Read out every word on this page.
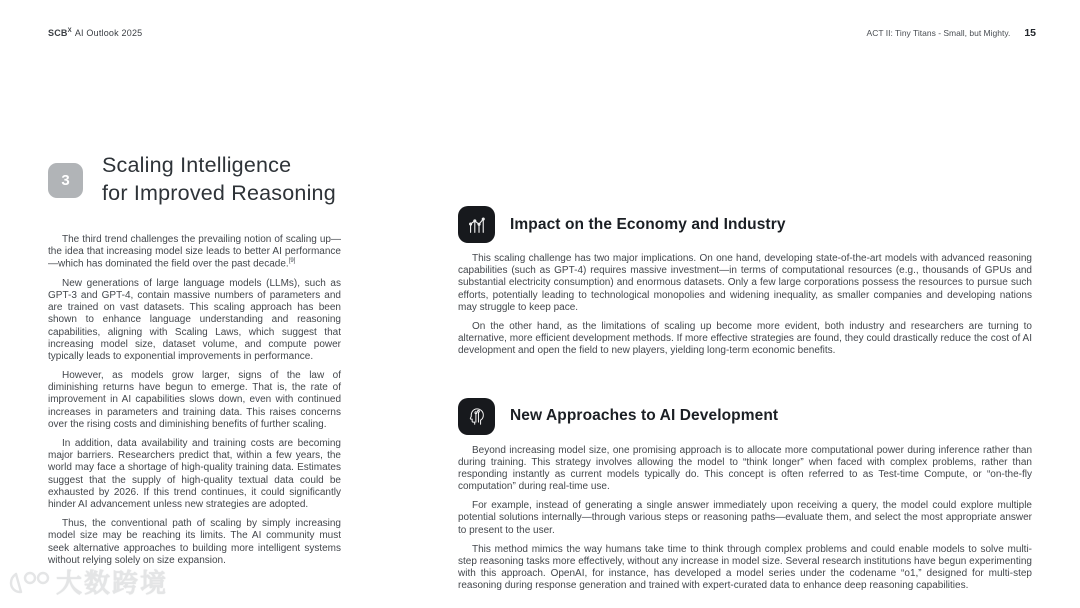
$SCB^X$ AI Outlook 2025	ACT II: Tiny Titans - Small, but Mighty. 15
3
Scaling Intelligence
for Improved Reasoning

The third trend challenges the prevailing notion of scaling up—the idea that increasing model size leads to better AI performance—which has dominated the field over the past decade.[9]

New generations of large language models (LLMs), such as GPT-3 and GPT-4, contain massive numbers of parameters and are trained on vast datasets. This scaling approach has been shown to enhance language understanding and reasoning capabilities, aligning with Scaling Laws, which suggest that increasing model size, dataset volume, and compute power typically leads to exponential improvements in performance.

However, as models grow larger, signs of the law of diminishing returns have begun to emerge. That is, the rate of improvement in AI capabilities slows down, even with continued increases in parameters and training data. This raises concerns over the rising costs and diminishing benefits of further scaling.

In addition, data availability and training costs are becoming major barriers. Researchers predict that, within a few years, the world may face a shortage of high-quality training data. Estimates suggest that the supply of high-quality textual data could be exhausted by 2026. If this trend continues, it could significantly hinder AI advancement unless new strategies are adopted.

Thus, the conventional path of scaling by simply increasing model size may be reaching its limits. The AI community must seek alternative approaches to building more intelligent systems without relying solely on size expansion.

Impact on the Economy and Industry

This scaling challenge has two major implications. On one hand, developing state-of-the-art models with advanced reasoning capabilities (such as GPT-4) requires massive investment—in terms of computational resources (e.g., thousands of GPUs and substantial electricity consumption) and enormous datasets. Only a few large corporations possess the resources to pursue such efforts, potentially leading to technological monopolies and widening inequality, as smaller companies and developing nations may struggle to keep pace.

On the other hand, as the limitations of scaling up become more evident, both industry and researchers are turning to alternative, more efficient development methods. If more effective strategies are found, they could drastically reduce the cost of AI development and open the field to new players, yielding long-term economic benefits.

New Approaches to AI Development

Beyond increasing model size, one promising approach is to allocate more computational power during inference rather than during training. This strategy involves allowing the model to “think longer” when faced with complex problems, rather than responding instantly as current models typically do. This concept is often referred to as Test-time Compute, or “on-the-fly computation” during real-time use.

For example, instead of generating a single answer immediately upon receiving a query, the model could explore multiple potential solutions internally—through various steps or reasoning paths—evaluate them, and select the most appropriate answer to present to the user.

This method mimics the way humans take time to think through complex problems and could enable models to solve multi-step reasoning tasks more effectively, without any increase in model size. Several research institutions have begun experimenting with this approach. OpenAI, for instance, has developed a model series under the codename “o1,” designed for multi-step reasoning during response generation and trained with expert-curated data to enhance deep reasoning capabilities.

大数跨境
